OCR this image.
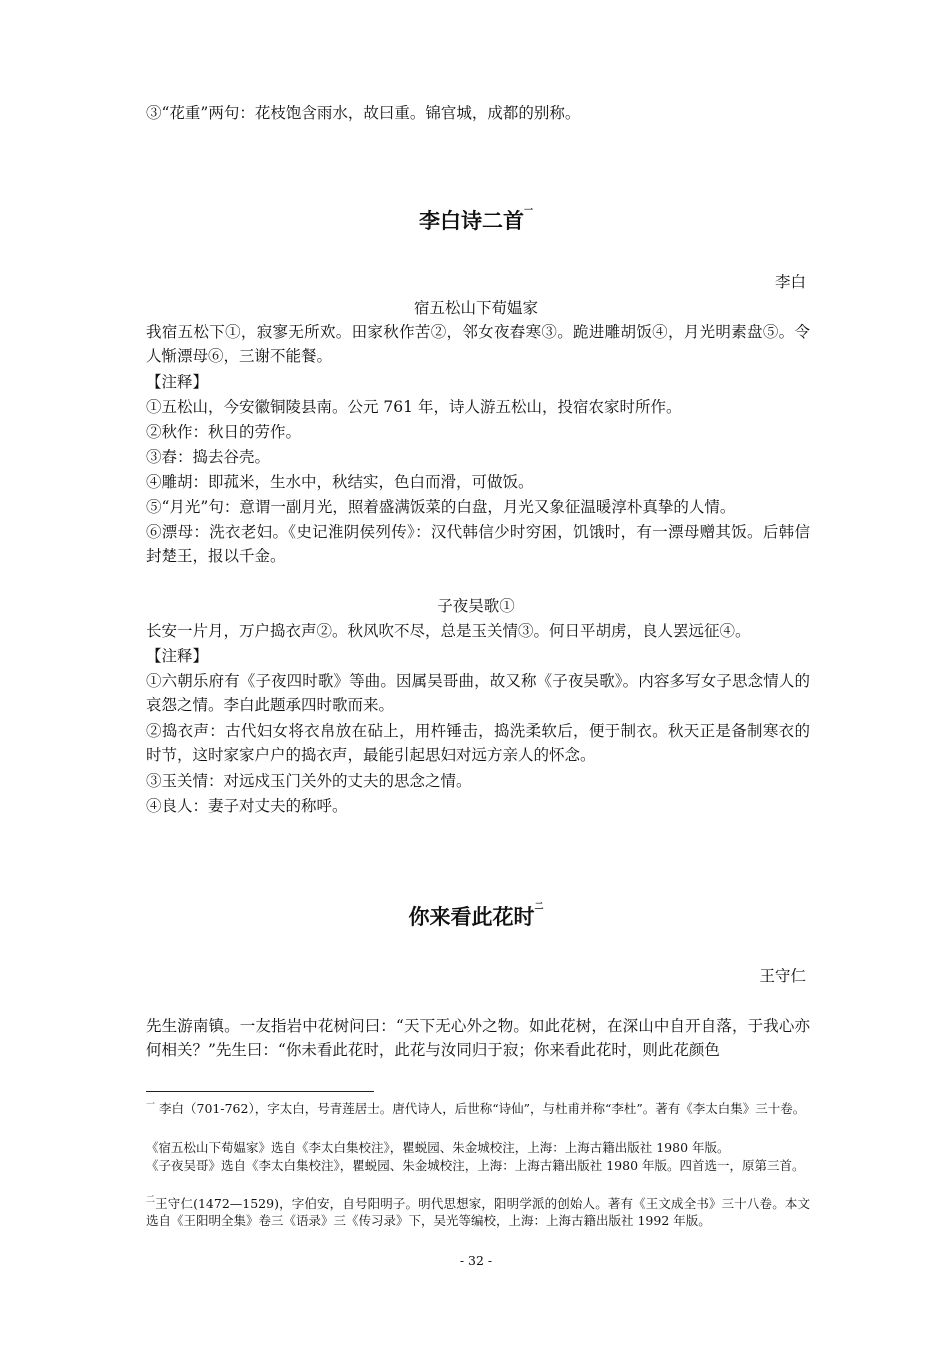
③“花重”两句：花枝饱含雨水，故曰重。锦官城，成都的别称。
李白诗二首$^一$
李白
宿五松山下荀媪家
我宿五松下①，寂寥无所欢。田家秋作苦②，邻女夜舂寒③。跪进雕胡饭④，月光明素盘⑤。令人惭漂母⑥，三谢不能餐。
【注释】
①五松山，今安徽铜陵县南。公元 761 年，诗人游五松山，投宿农家时所作。
②秋作：秋日的劳作。
③舂：捣去谷壳。
④雕胡：即菰米，生水中，秋结实，色白而滑，可做饭。
⑤“月光”句：意谓一副月光，照着盛满饭菜的白盘，月光又象征温暖淳朴真挚的人情。
⑥漂母：洗衣老妇。《史记淮阴侯列传》：汉代韩信少时穷困，饥饿时，有一漂母赠其饭。后韩信封楚王，报以千金。
子夜吴歌①
长安一片月，万户捣衣声②。秋风吹不尽，总是玉关情③。何日平胡虏，良人罢远征④。
【注释】
①六朝乐府有《子夜四时歌》等曲。因属吴哥曲，故又称《子夜吴歌》。内容多写女子思念情人的哀怨之情。李白此题承四时歌而来。
②捣衣声：古代妇女将衣帛放在砧上，用杵锤击，捣洗柔软后，便于制衣。秋天正是备制寒衣的时节，这时家家户户的捣衣声，最能引起思妇对远方亲人的怀念。
③玉关情：对远戍玉门关外的丈夫的思念之情。
④良人：妻子对丈夫的称呼。
你来看此花时$^二$
王守仁
先生游南镇。一友指岩中花树问曰：“天下无心外之物。如此花树，在深山中自开自落，于我心亦何相关？”先生曰：“你未看此花时，此花与汝同归于寂；你来看此花时，则此花颜色
$^一$ 李白（701-762），字太白，号青莲居士。唐代诗人，后世称“诗仙”，与杜甫并称“李杜”。著有《李太白集》三十卷。
《宿五松山下荀媪家》选自《李太白集校注》，瞿蜕园、朱金城校注，上海：上海古籍出版社 1980 年版。
《子夜吴哥》选自《李太白集校注》，瞿蜕园、朱金城校注，上海：上海古籍出版社 1980 年版。四首选一，原第三首。
$^二$王守仁(1472—1529)，字伯安，自号阳明子。明代思想家，阳明学派的创始人。著有《王文成全书》三十八卷。本文选自《王阳明全集》卷三《语录》三《传习录》下，吴光等编校，上海：上海古籍出版社 1992 年版。
- 32 -
